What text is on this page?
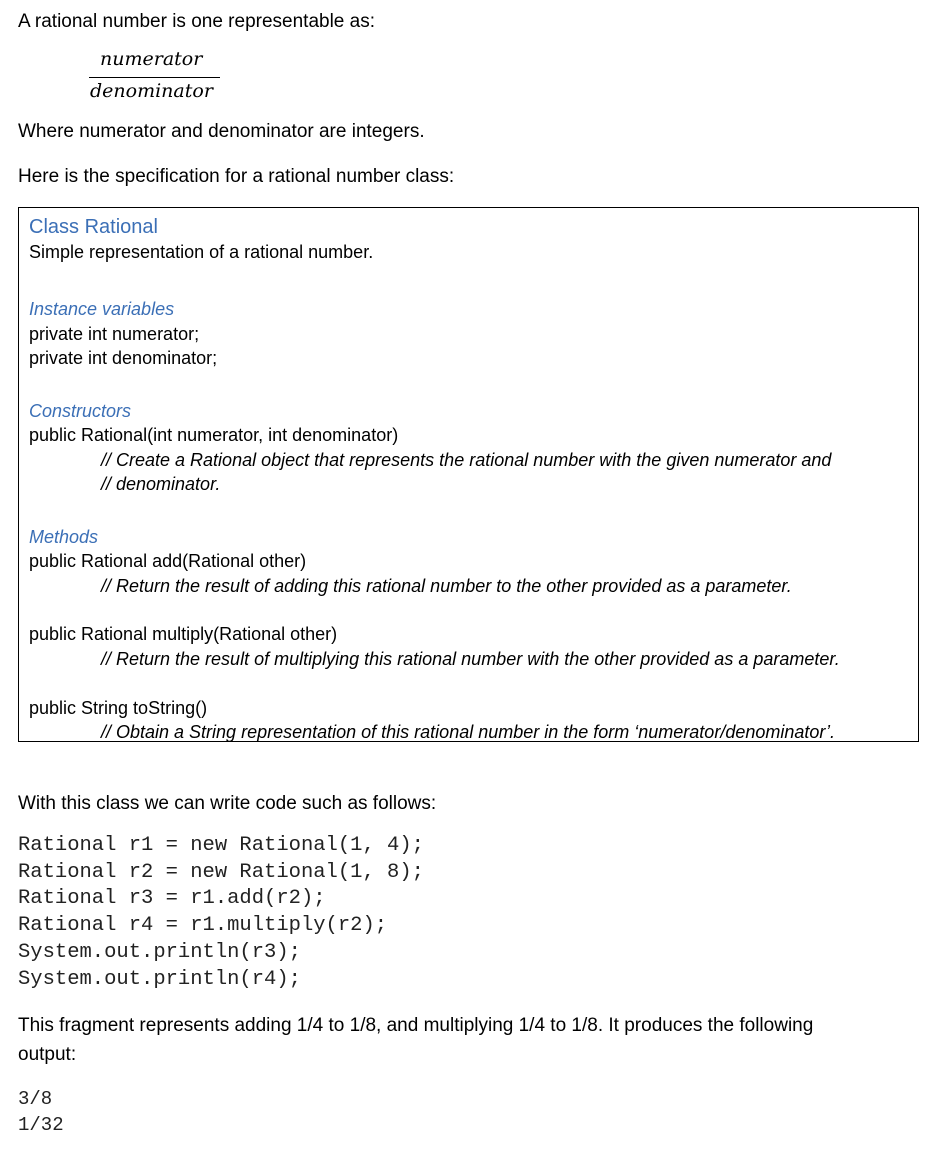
A rational number is one representable as:
numerator
denominator
Where numerator and denominator are integers.
Here is the specification for a rational number class:
Class Rational
Simple representation of a rational number.
Instance variables
private int numerator;
private int denominator;
Constructors
public Rational(int numerator, int denominator)
// Create a Rational object that represents the rational number with the given numerator and
// denominator.
Methods
public Rational add(Rational other)
// Return the result of adding this rational number to the other provided as a parameter.
public Rational multiply(Rational other)
// Return the result of multiplying this rational number with the other provided as a parameter.
public String toString()
// Obtain a String representation of this rational number in the form ‘numerator/denominator’.
With this class we can write code such as follows:
Rational r1 = new Rational(1, 4);
Rational r2 = new Rational(1, 8);
Rational r3 = r1.add(r2);
Rational r4 = r1.multiply(r2);
System.out.println(r3);
System.out.println(r4);
This fragment represents adding 1/4 to 1/8, and multiplying 1/4 to 1/8. It produces the following
output:
3/8
1/32
